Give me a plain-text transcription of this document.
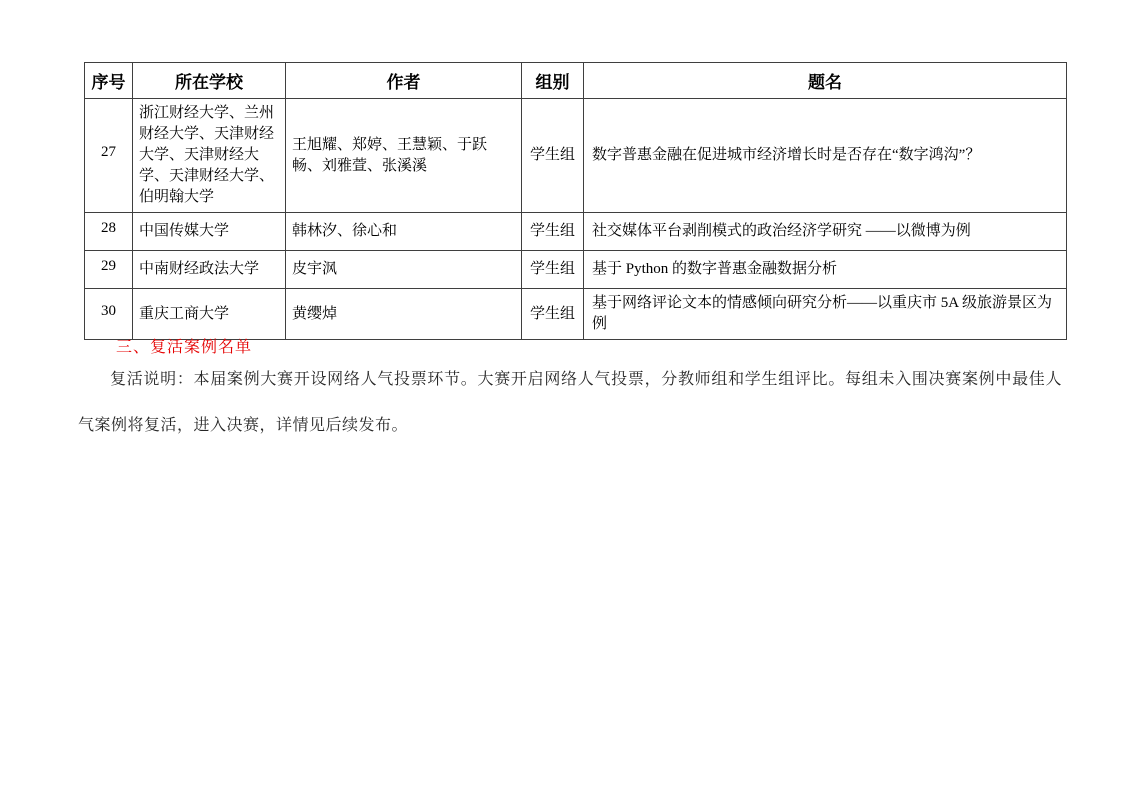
序号	所在学校	作者	组别	题名
27	浙江财经大学、兰州财经大学、天津财经大学、天津财经大学、天津财经大学、伯明翰大学	王旭耀、郑婷、王慧颖、于跃畅、刘雅萱、张溪溪	学生组	数字普惠金融在促进城市经济增长时是否存在“数字鸿沟”？
28	中国传媒大学	韩林汐、徐心和	学生组	社交媒体平台剥削模式的政治经济学研究 ——以微博为例
29	中南财经政法大学	皮宇沨	学生组	基于 Python 的数字普惠金融数据分析
30	重庆工商大学	黄缨焯	学生组	基于网络评论文本的情感倾向研究分析——以重庆市 5A 级旅游景区为例
三、复活案例名单
复活说明：本届案例大赛开设网络人气投票环节。大赛开启网络人气投票，分教师组和学生组评比。每组未入围决赛案例中最佳人气案例将复活，进入决赛，详情见后续发布。
